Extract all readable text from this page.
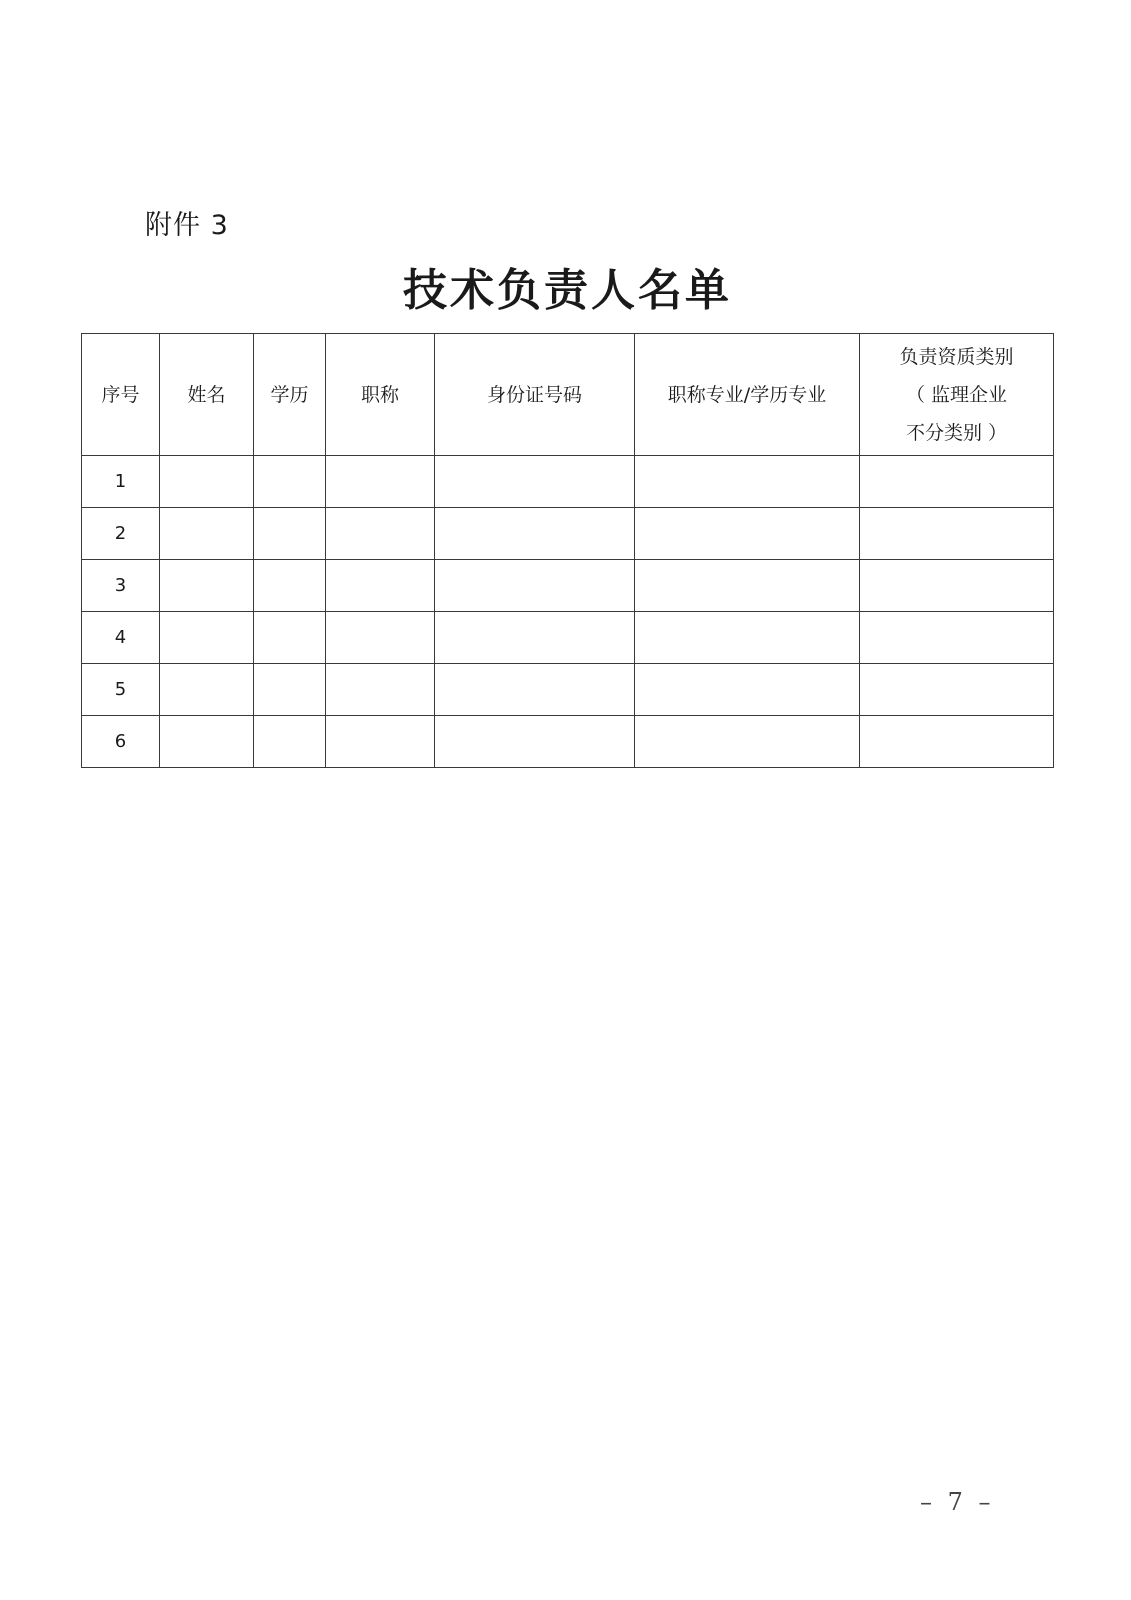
附件 3
技术负责人名单
序号	姓名	学历	职称	身份证号码	职称专业/学历专业	负责资质类别
（ 监理企业
不分类别 ）

1						
2						
3						
4						
5						
6						
– 7 –
